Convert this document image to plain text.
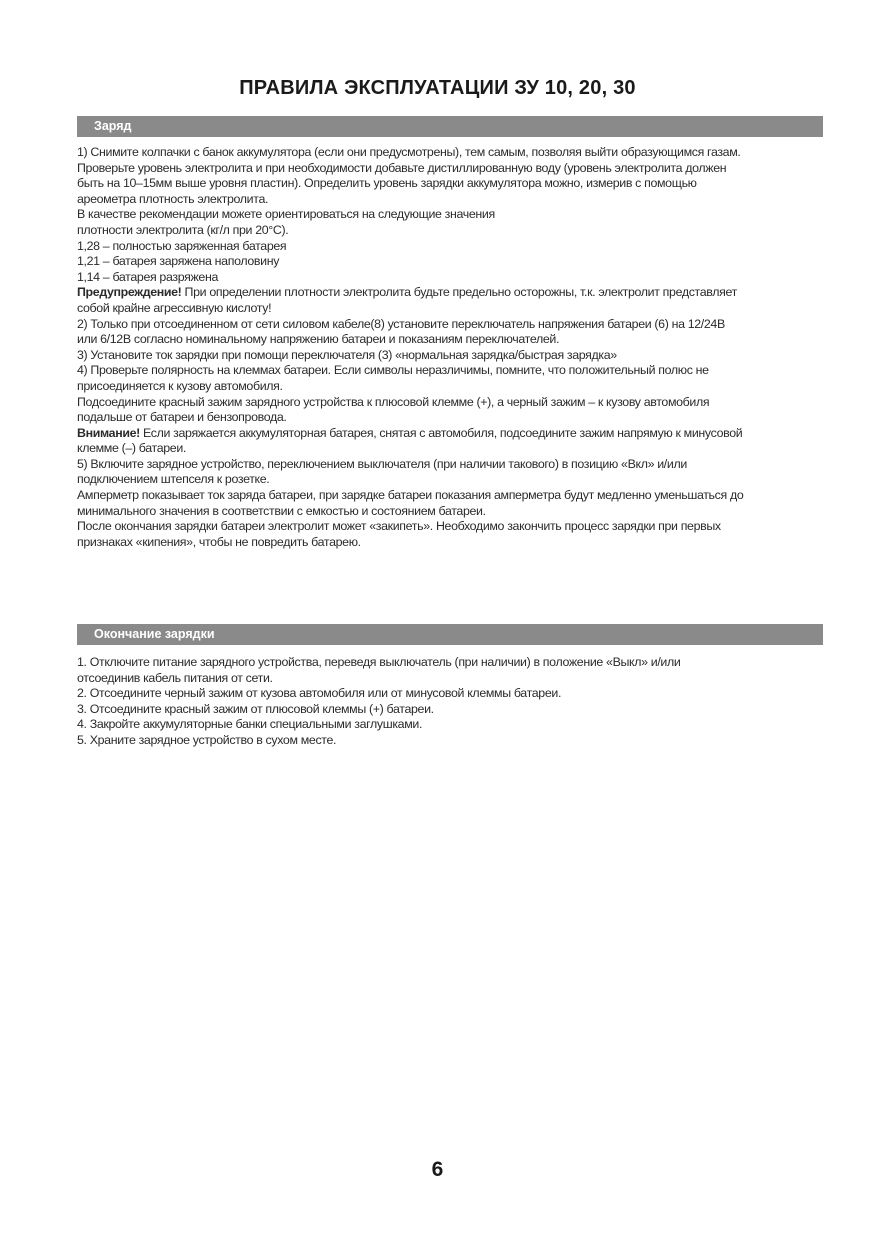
ПРАВИЛА ЭКСПЛУАТАЦИИ ЗУ 10, 20, 30
Заряд
1) Снимите колпачки с банок аккумулятора (если они предусмотрены), тем самым, позволяя выйти образующимся газам.
Проверьте уровень электролита и при необходимости добавьте дистиллированную воду (уровень электролита должен
быть на 10–15мм выше уровня пластин). Определить уровень зарядки аккумулятора можно, измерив с помощью
ареометра плотность электролита.
В качестве рекомендации можете ориентироваться на следующие значения
плотности электролита (кг/л при 20°С).
1,28 – полностью заряженная батарея
1,21 – батарея заряжена наполовину
1,14 – батарея разряжена
Предупреждение! При определении плотности электролита будьте предельно осторожны, т.к. электролит представляет
собой крайне агрессивную кислоту!
2) Только при отсоединенном от сети силовом кабеле(8) установите переключатель напряжения батареи (6) на 12/24В
или 6/12В согласно номинальному напряжению батареи и показаниям переключателей.
3) Установите ток зарядки при помощи переключателя (3) «нормальная зарядка/быстрая зарядка»
4) Проверьте полярность на клеммах батареи. Если символы неразличимы, помните, что положительный полюс не
присоединяется к кузову автомобиля.
Подсоедините красный зажим зарядного устройства к плюсовой клемме (+), а черный зажим – к кузову автомобиля
подальше от батареи и бензопровода.
Внимание! Если заряжается аккумуляторная батарея, снятая с автомобиля, подсоедините зажим напрямую к минусовой
клемме (–) батареи.
5) Включите зарядное устройство, переключением выключателя (при наличии такового) в позицию «Вкл» и/или
подключением штепселя к розетке.
Амперметр показывает ток заряда батареи, при зарядке батареи показания амперметра будут медленно уменьшаться до
минимального значения в соответствии с емкостью и состоянием батареи.
После окончания зарядки батареи электролит может «закипеть». Необходимо закончить процесс зарядки при первых
признаках «кипения», чтобы не повредить батарею.
Окончание зарядки
1. Отключите питание зарядного устройства, переведя выключатель (при наличии) в положение «Выкл» и/или
отсоединив кабель питания от сети.
2. Отсоедините черный зажим от кузова автомобиля или от минусовой клеммы батареи.
3. Отсоедините красный зажим от плюсовой клеммы (+) батареи.
4. Закройте аккумуляторные банки специальными заглушками.
5. Храните зарядное устройство в сухом месте.
6
